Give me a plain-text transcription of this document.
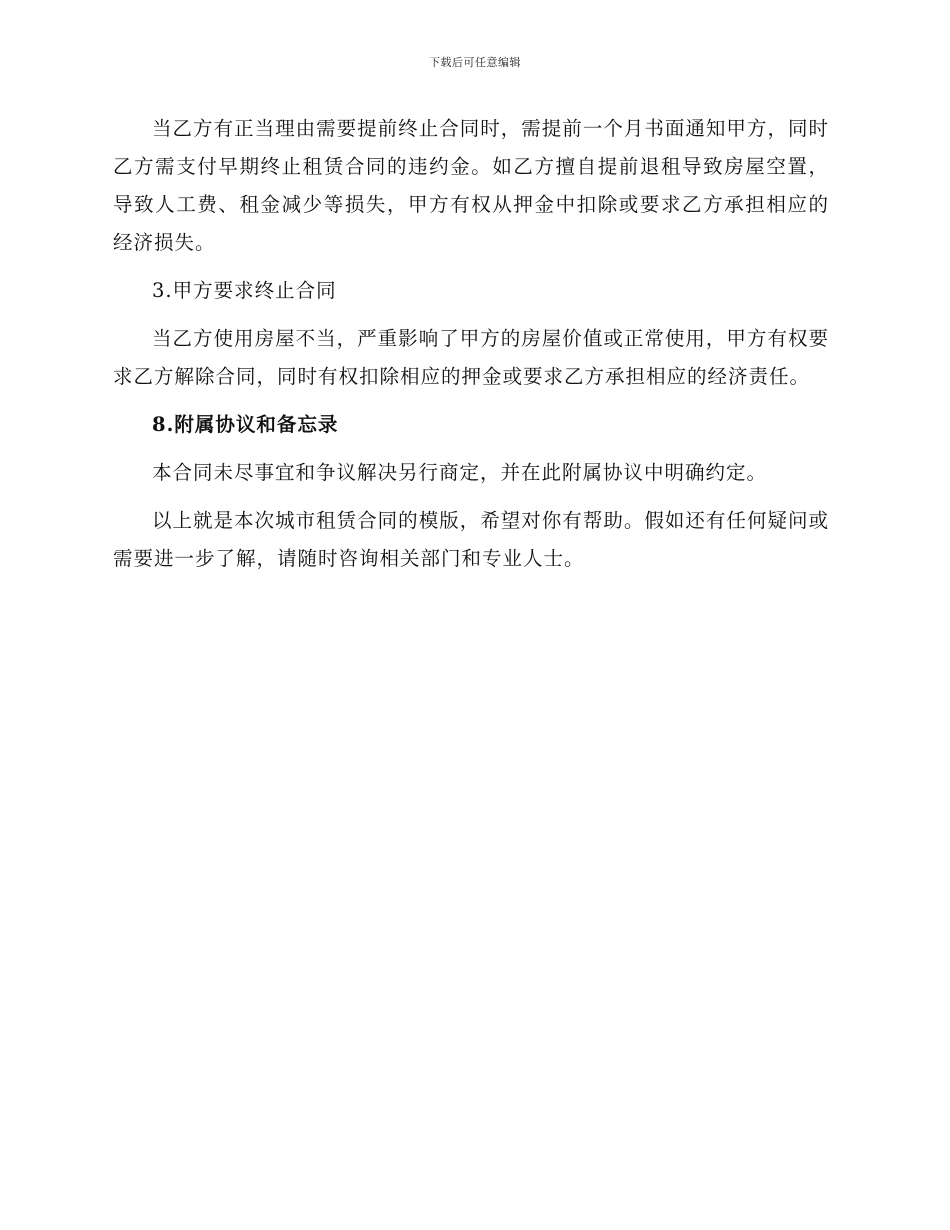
下载后可任意编辑

当乙方有正当理由需要提前终止合同时，需提前一个月书面通知甲方，同时乙方需支付早期终止租赁合同的违约金。如乙方擅自提前退租导致房屋空置，导致人工费、租金减少等损失，甲方有权从押金中扣除或要求乙方承担相应的经济损失。

3.甲方要求终止合同

当乙方使用房屋不当，严重影响了甲方的房屋价值或正常使用，甲方有权要求乙方解除合同，同时有权扣除相应的押金或要求乙方承担相应的经济责任。

8.附属协议和备忘录

本合同未尽事宜和争议解决另行商定，并在此附属协议中明确约定。

以上就是本次城市租赁合同的模版，希望对你有帮助。假如还有任何疑问或需要进一步了解，请随时咨询相关部门和专业人士。
